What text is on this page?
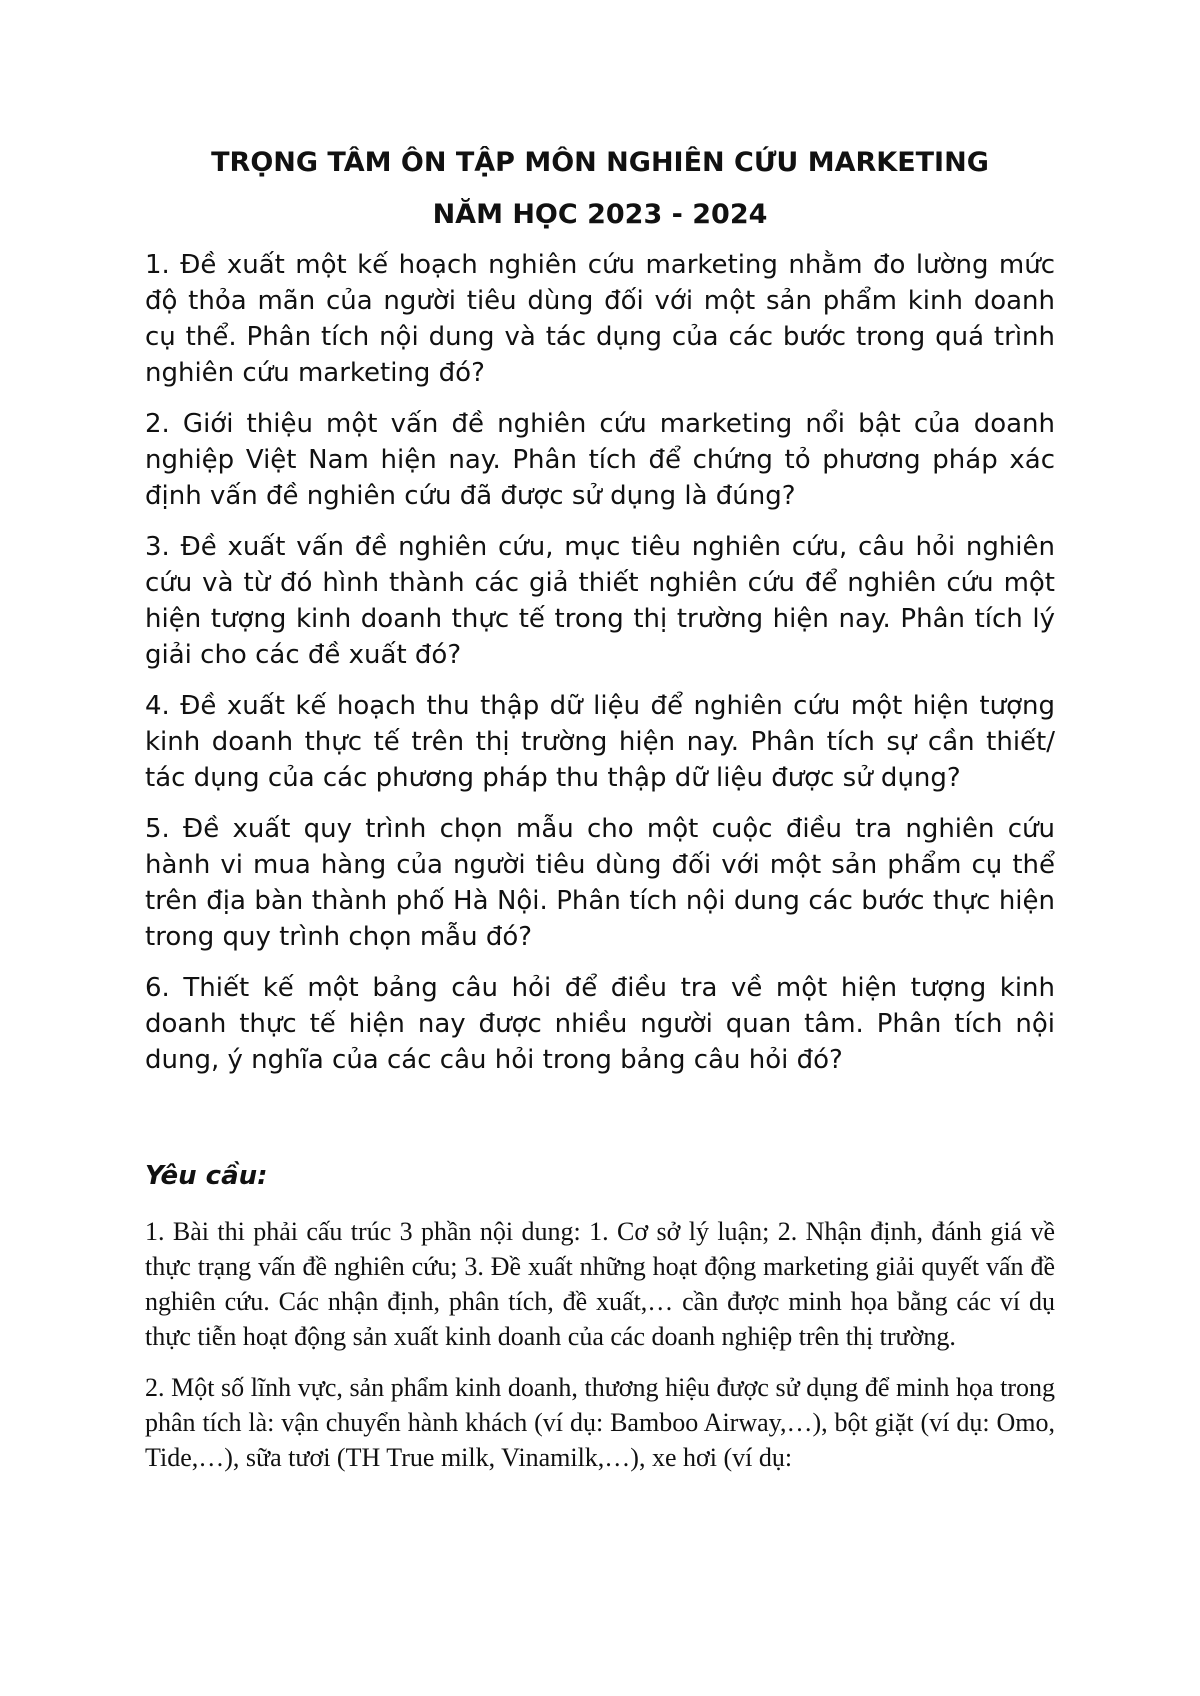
TRỌNG TÂM ÔN TẬP MÔN NGHIÊN CỨU MARKETING
NĂM HỌC 2023 - 2024

1. Đề xuất một kế hoạch nghiên cứu marketing nhằm đo lường mức độ thỏa mãn của người tiêu dùng đối với một sản phẩm kinh doanh cụ thể. Phân tích nội dung và tác dụng của các bước trong quá trình nghiên cứu marketing đó?

2. Giới thiệu một vấn đề nghiên cứu marketing nổi bật của doanh nghiệp Việt Nam hiện nay. Phân tích để chứng tỏ phương pháp xác định vấn đề nghiên cứu đã được sử dụng là đúng?

3. Đề xuất vấn đề nghiên cứu, mục tiêu nghiên cứu, câu hỏi nghiên cứu và từ đó hình thành các giả thiết nghiên cứu để nghiên cứu một hiện tượng kinh doanh thực tế trong thị trường hiện nay. Phân tích lý giải cho các đề xuất đó?

4. Đề xuất kế hoạch thu thập dữ liệu để nghiên cứu một hiện tượng kinh doanh thực tế trên thị trường hiện nay. Phân tích sự cần thiết/ tác dụng của các phương pháp thu thập dữ liệu được sử dụng?

5. Đề xuất quy trình chọn mẫu cho một cuộc điều tra nghiên cứu hành vi mua hàng của người tiêu dùng đối với một sản phẩm cụ thể trên địa bàn thành phố Hà Nội. Phân tích nội dung các bước thực hiện trong quy trình chọn mẫu đó?

6. Thiết kế một bảng câu hỏi để điều tra về một hiện tượng kinh doanh thực tế hiện nay được nhiều người quan tâm. Phân tích nội dung, ý nghĩa của các câu hỏi trong bảng câu hỏi đó?

Yêu cầu:

1. Bài thi phải cấu trúc 3 phần nội dung: 1. Cơ sở lý luận; 2. Nhận định, đánh giá về thực trạng vấn đề nghiên cứu; 3. Đề xuất những hoạt động marketing giải quyết vấn đề nghiên cứu. Các nhận định, phân tích, đề xuất,… cần được minh họa bằng các ví dụ thực tiễn hoạt động sản xuất kinh doanh của các doanh nghiệp trên thị trường.

2. Một số lĩnh vực, sản phẩm kinh doanh, thương hiệu được sử dụng để minh họa trong phân tích là: vận chuyển hành khách (ví dụ: Bamboo Airway,…), bột giặt (ví dụ: Omo, Tide,…), sữa tươi (TH True milk, Vinamilk,…), xe hơi (ví dụ:
